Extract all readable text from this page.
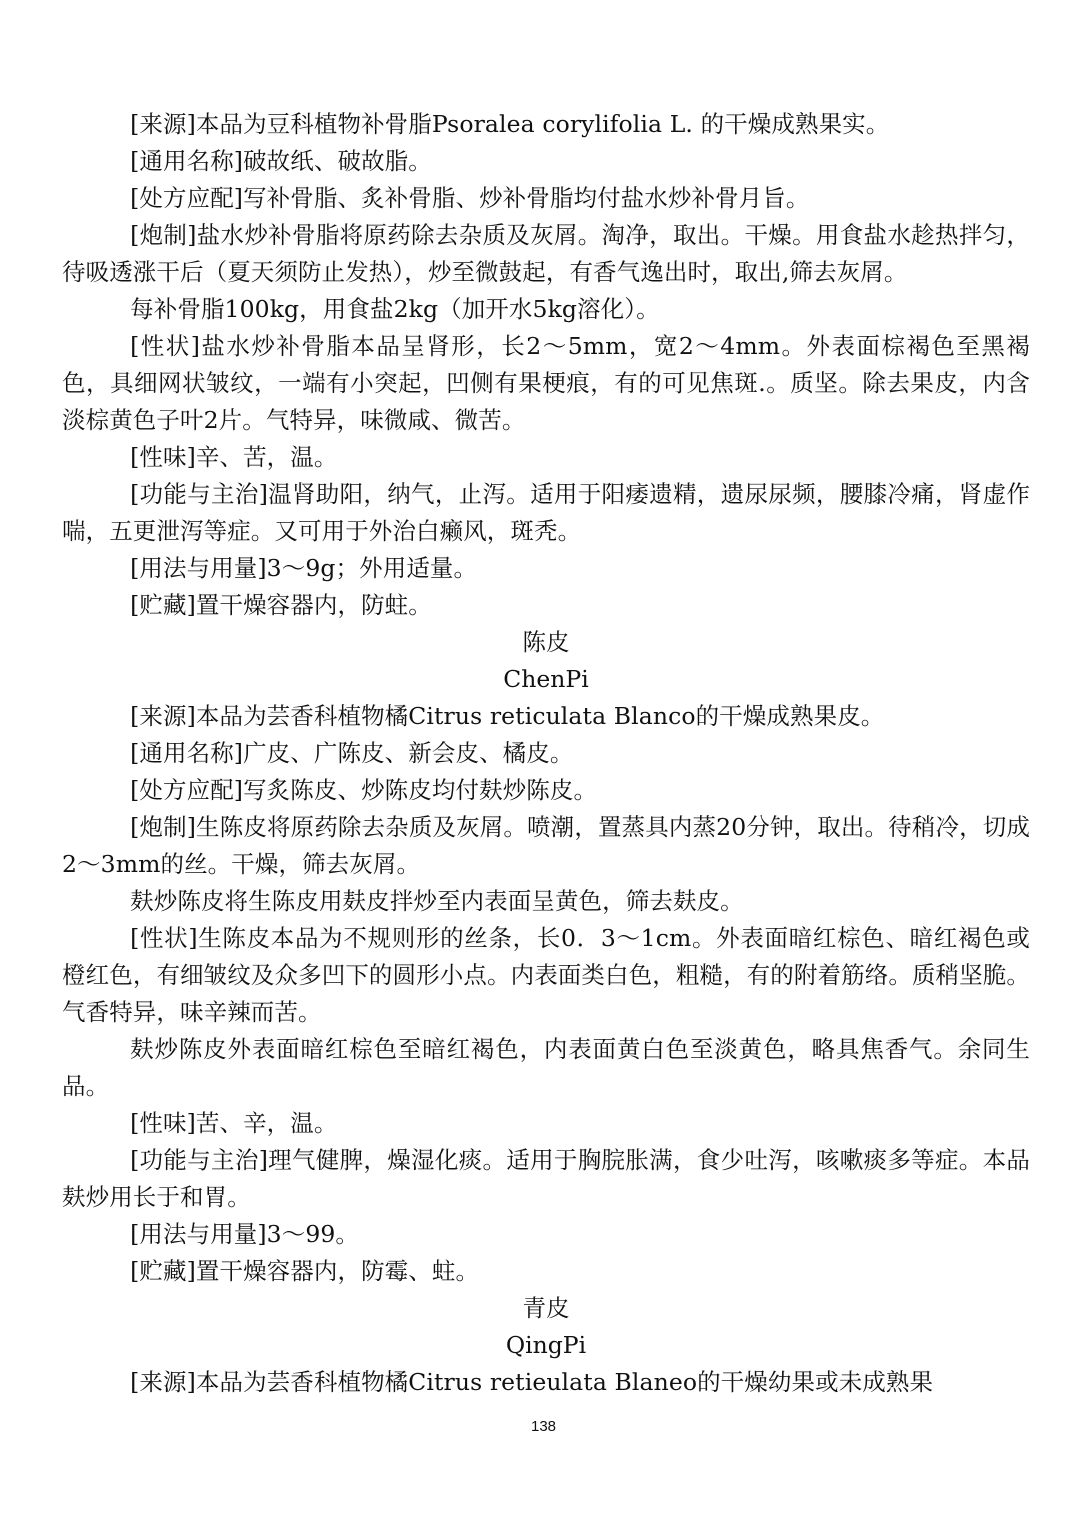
[来源]本品为豆科植物补骨脂Psoralea corylifolia L. 的干燥成熟果实。

[通用名称]破故纸、破故脂。

[处方应配]写补骨脂、炙补骨脂、炒补骨脂均付盐水炒补骨月旨。

[炮制]盐水炒补骨脂将原药除去杂质及灰屑。淘净，取出。干燥。用食盐水趁热拌匀，待吸透涨干后（夏天须防止发热），炒至微鼓起，有香气逸出时，取出,筛去灰屑。

每补骨脂100kg，用食盐2kg（加开水5kg溶化）。

[性状]盐水炒补骨脂本品呈肾形，长2～5mm，宽2～4mm。外表面棕褐色至黑褐色，具细网状皱纹，一端有小突起，凹侧有果梗痕，有的可见焦斑.。质坚。除去果皮，内含淡棕黄色子叶2片。气特异，味微咸、微苦。

[性味]辛、苦，温。

[功能与主治]温肾助阳，纳气，止泻。适用于阳痿遗精，遗尿尿频，腰膝冷痛，肾虚作喘，五更泄泻等症。又可用于外治白癞风，斑秃。

[用法与用量]3～9g；外用适量。

[贮藏]置干燥容器内，防蛀。

陈皮

ChenPi

[来源]本品为芸香科植物橘Citrus reticulata Blanco的干燥成熟果皮。

[通用名称]广皮、广陈皮、新会皮、橘皮。

[处方应配]写炙陈皮、炒陈皮均付麸炒陈皮。

[炮制]生陈皮将原药除去杂质及灰屑。喷潮，置蒸具内蒸20分钟，取出。待稍冷，切成2～3mm的丝。干燥，筛去灰屑。

麸炒陈皮将生陈皮用麸皮拌炒至内表面呈黄色，筛去麸皮。

[性状]生陈皮本品为不规则形的丝条，长0．3～1cm。外表面暗红棕色、暗红褐色或橙红色，有细皱纹及众多凹下的圆形小点。内表面类白色，粗糙，有的附着筋络。质稍坚脆。气香特异，味辛辣而苦。

麸炒陈皮外表面暗红棕色至暗红褐色，内表面黄白色至淡黄色，略具焦香气。余同生品。

[性味]苦、辛，温。

[功能与主治]理气健脾，燥湿化痰。适用于胸脘胀满，食少吐泻，咳嗽痰多等症。本品麸炒用长于和胃。

[用法与用量]3～99。

[贮藏]置干燥容器内，防霉、蛀。

青皮

QingPi

[来源]本品为芸香科植物橘Citrus retieulata Blaneo的干燥幼果或未成熟果

138
